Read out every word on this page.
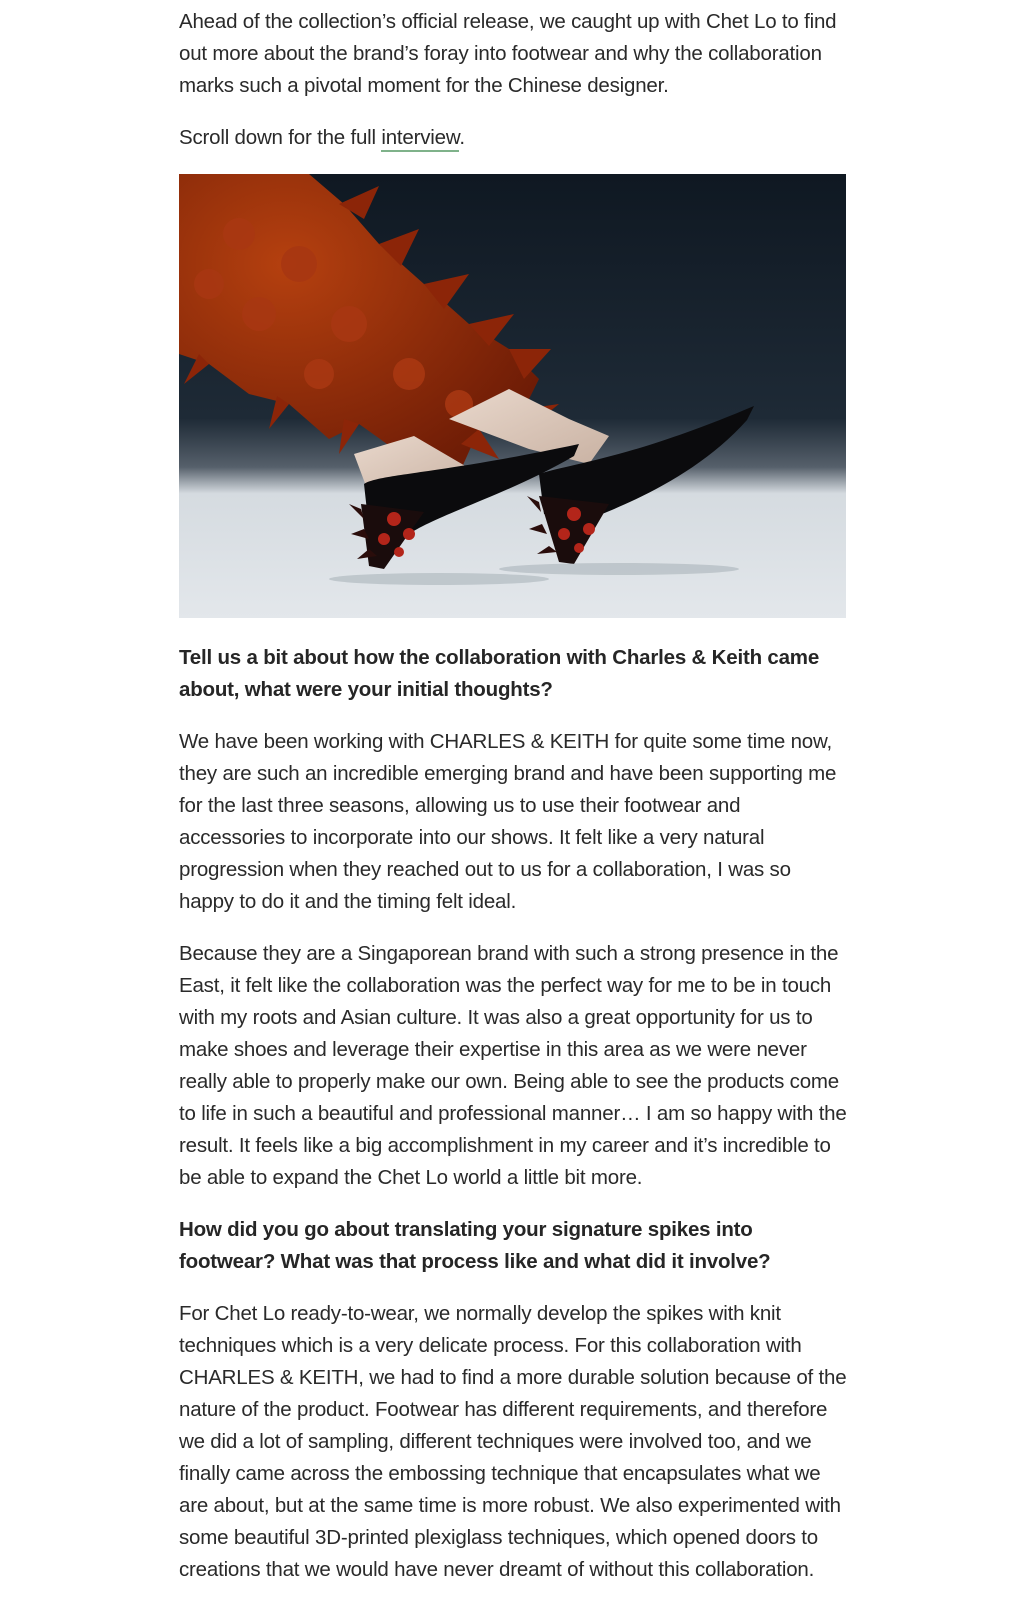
Ahead of the collection’s official release, we caught up with Chet Lo to find out more about the brand’s foray into footwear and why the collaboration marks such a pivotal moment for the Chinese designer.

Scroll down for the full interview.

Tell us a bit about how the collaboration with Charles & Keith came about, what were your initial thoughts?

We have been working with CHARLES & KEITH for quite some time now, they are such an incredible emerging brand and have been supporting me for the last three seasons, allowing us to use their footwear and accessories to incorporate into our shows. It felt like a very natural progression when they reached out to us for a collaboration, I was so happy to do it and the timing felt ideal.

Because they are a Singaporean brand with such a strong presence in the East, it felt like the collaboration was the perfect way for me to be in touch with my roots and Asian culture. It was also a great opportunity for us to make shoes and leverage their expertise in this area as we were never really able to properly make our own. Being able to see the products come to life in such a beautiful and professional manner… I am so happy with the result. It feels like a big accomplishment in my career and it’s incredible to be able to expand the Chet Lo world a little bit more.

How did you go about translating your signature spikes into footwear? What was that process like and what did it involve?

For Chet Lo ready-to-wear, we normally develop the spikes with knit techniques which is a very delicate process. For this collaboration with CHARLES & KEITH, we had to find a more durable solution because of the nature of the product. Footwear has different requirements, and therefore we did a lot of sampling, different techniques were involved too, and we finally came across the embossing technique that encapsulates what we are about, but at the same time is more robust. We also experimented with some beautiful 3D-printed plexiglass techniques, which opened doors to creations that we would have never dreamt of without this collaboration.
